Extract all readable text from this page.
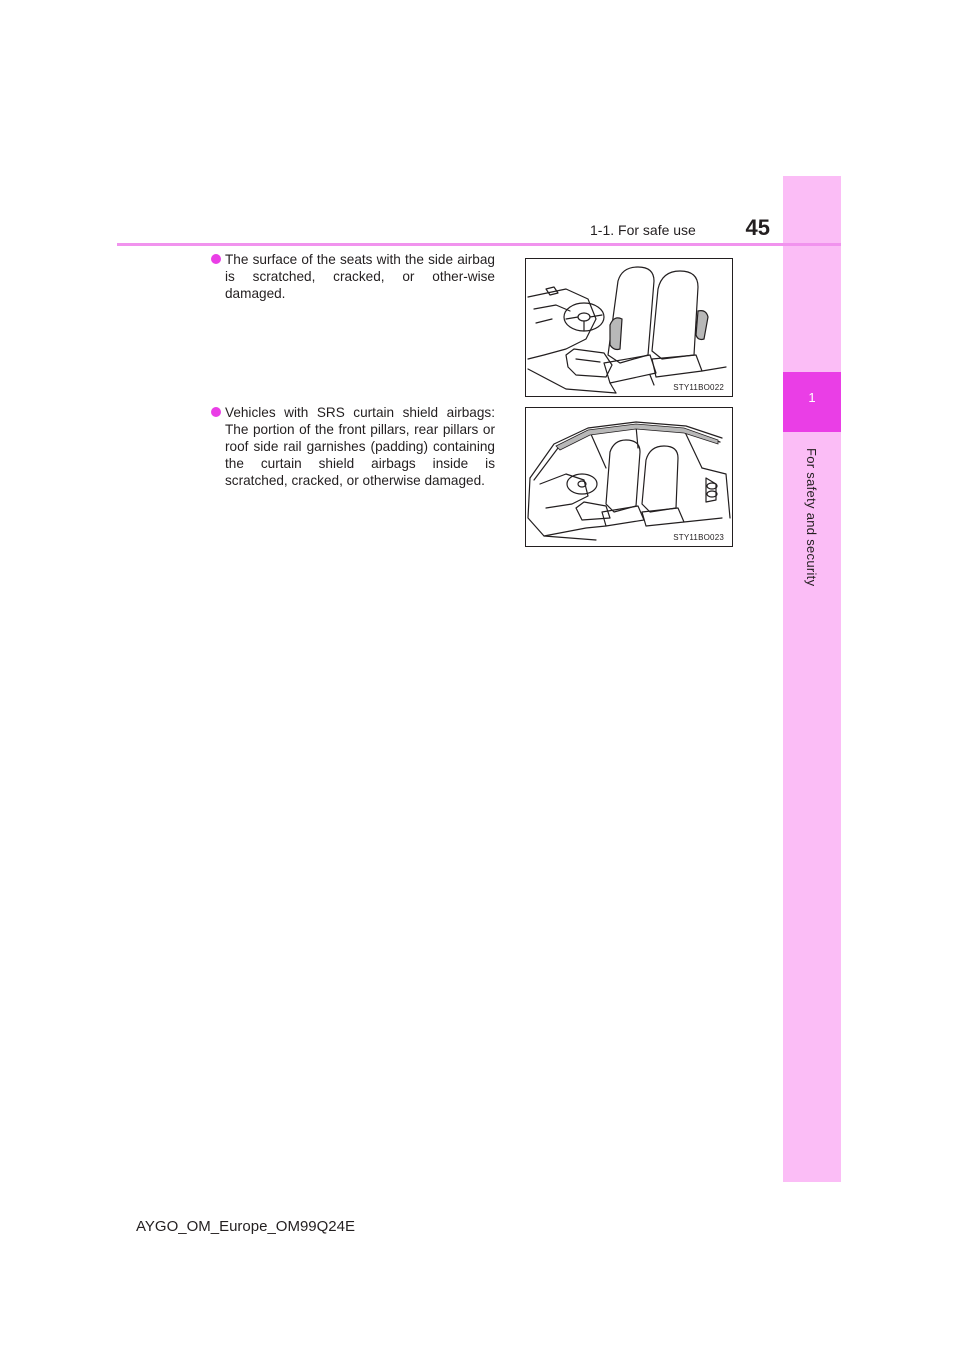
1
For safety and security
1-1. For safe use	45
The surface of the seats with the side airbag is scratched, cracked, or other-wise damaged.
STY11BO022
Vehicles with SRS curtain shield airbags: The portion of the front pillars, rear pillars or roof side rail garnishes (padding) containing the curtain shield airbags inside is scratched, cracked, or otherwise damaged.
STY11BO023
AYGO_OM_Europe_OM99Q24E
